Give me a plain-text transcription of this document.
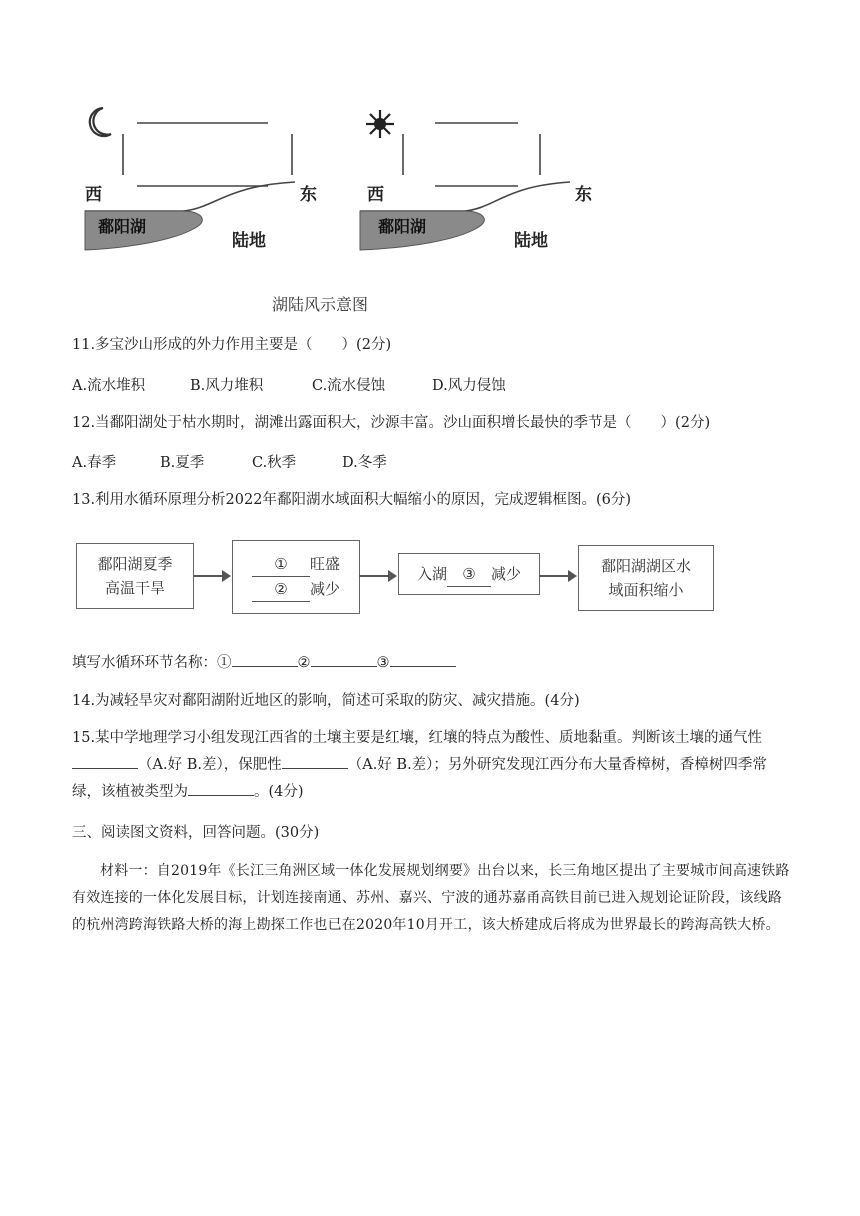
西	东
鄱阳湖
陆地
西	东
鄱阳湖
陆地
湖陆风示意图
11.多宝沙山形成的外力作用主要是（　　）(2分)
A.流水堆积	B.风力堆积	C.流水侵蚀	D.风力侵蚀
12.当鄱阳湖处于枯水期时，湖滩出露面积大，沙源丰富。沙山面积增长最快的季节是（　　）(2分)
A.春季	B.夏季	C.秋季	D.冬季
13.利用水循环原理分析2022年鄱阳湖水域面积大幅缩小的原因，完成逻辑框图。(6分)
鄱阳湖夏季
高温干旱
① 旺盛
② 减少
入湖 ③ 减少	鄱阳湖湖区水
域面积缩小
填写水循环环节名称：①	②	③
14.为减轻旱灾对鄱阳湖附近地区的影响，简述可采取的防灾、减灾措施。(4分)
15.某中学地理学习小组发现江西省的土壤主要是红壤，红壤的特点为酸性、质地黏重。判断该土壤的通气性
（A.好 B.差），保肥性	（A.好 B.差）；另外研究发现江西分布大量香樟树，香樟树四季常
绿，该植被类型为	。(4分)
三、阅读图文资料，回答问题。(30分)
材料一：自2019年《长江三角洲区域一体化发展规划纲要》出台以来，长三角地区提出了主要城市间高速铁路有效连接的一体化发展目标，计划连接南通、苏州、嘉兴、宁波的通苏嘉甬高铁目前已进入规划论证阶段，该线路的杭州湾跨海铁路大桥的海上勘探工作也已在2020年10月开工，该大桥建成后将成为世界最长的跨海高铁大桥。
